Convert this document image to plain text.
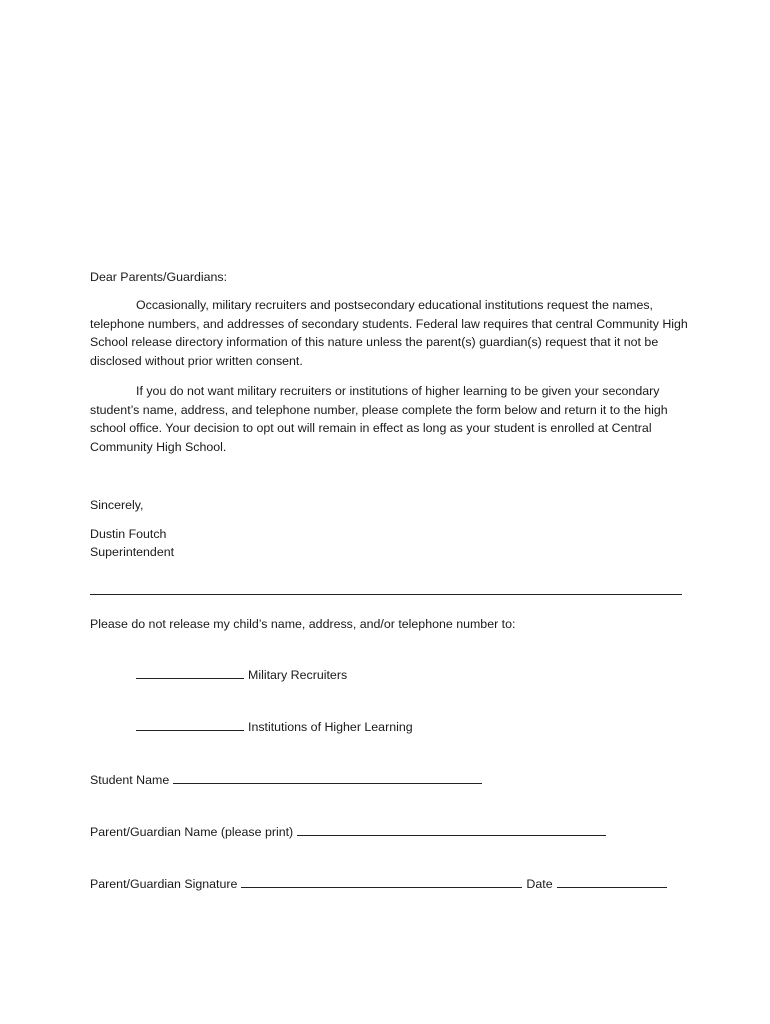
Dear Parents/Guardians:

Occasionally, military recruiters and postsecondary educational institutions request the names, telephone numbers, and addresses of secondary students. Federal law requires that central Community High School release directory information of this nature unless the parent(s) guardian(s) request that it not be disclosed without prior written consent.

If you do not want military recruiters or institutions of higher learning to be given your secondary student’s name, address, and telephone number, please complete the form below and return it to the high school office. Your decision to opt out will remain in effect as long as your student is enrolled at Central Community High School.

Sincerely,
Dustin Foutch
Superintendent
Please do not release my child’s name, address, and/or telephone number to:
Military Recruiters
Institutions of Higher Learning
Student Name
Parent/Guardian Name (please print)
Parent/Guardian Signature	Date
